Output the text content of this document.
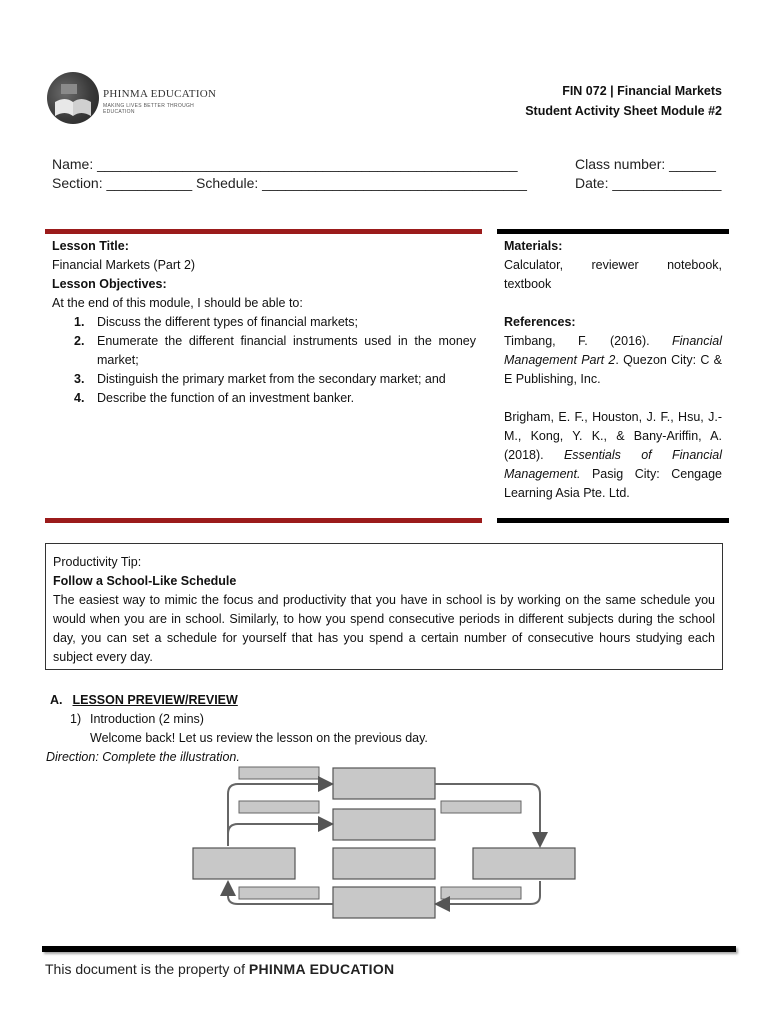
PHINMA EDUCATION
MAKING LIVES BETTER THROUGH EDUCATION
FIN 072 | Financial Markets
Student Activity Sheet Module #2
Name: ______________________________________________________	Class number: ______
Section: ___________ Schedule: __________________________________	Date: ______________
Lesson Title:
Financial Markets (Part 2)
Lesson Objectives:
At the end of this module, I should be able to:
1. Discuss the different types of financial markets;
2. Enumerate the different financial instruments used in the money market;
3. Distinguish the primary market from the secondary market; and
4. Describe the function of an investment banker.
Materials:
Calculator, reviewer notebook,
textbook
References:
Timbang, F. (2016). Financial Management Part 2. Quezon City: C & E Publishing, Inc.
Brigham, E. F., Houston, J. F., Hsu, J.-M., Kong, Y. K., & Bany-Ariffin, A. (2018). Essentials of Financial Management. Pasig City: Cengage Learning Asia Pte. Ltd.
Productivity Tip:
Follow a School-Like Schedule
The easiest way to mimic the focus and productivity that you have in school is by working on the same schedule you would when you are in school. Similarly, to how you spend consecutive periods in different subjects during the school day, you can set a schedule for yourself that has you spend a certain number of consecutive hours studying each subject every day.
A. LESSON PREVIEW/REVIEW
1) Introduction (2 mins)
Welcome back! Let us review the lesson on the previous day.
Direction: Complete the illustration.
This document is the property of PHINMA EDUCATION
